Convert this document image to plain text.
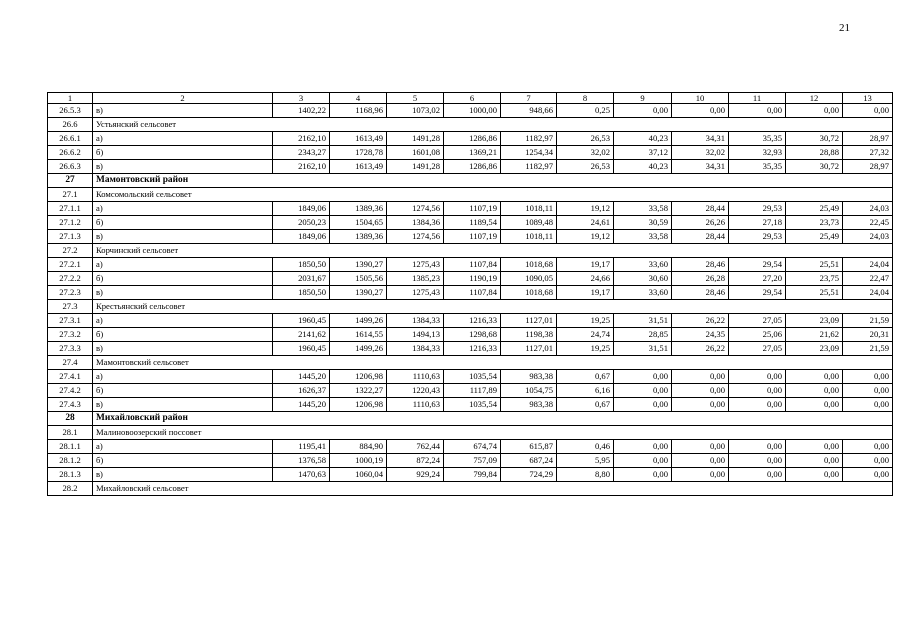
21
1	2	3	4	5	6	7	8	9	10	11	12	13
26.5.3	в)	1402,22	1168,96	1073,02	1000,00	948,66	0,25	0,00	0,00	0,00	0,00	0,00
26.6	Устьянский сельсовет											
26.6.1	а)	2162,10	1613,49	1491,28	1286,86	1182,97	26,53	40,23	34,31	35,35	30,72	28,97
26.6.2	б)	2343,27	1728,78	1601,08	1369,21	1254,34	32,02	37,12	32,02	32,93	28,88	27,32
26.6.3	в)	2162,10	1613,49	1491,28	1286,86	1182,97	26,53	40,23	34,31	35,35	30,72	28,97
27	Мамонтовский район											
27.1	Комсомольский сельсовет											
27.1.1	а)	1849,06	1389,36	1274,56	1107,19	1018,11	19,12	33,58	28,44	29,53	25,49	24,03
27.1.2	б)	2050,23	1504,65	1384,36	1189,54	1089,48	24,61	30,59	26,26	27,18	23,73	22,45
27.1.3	в)	1849,06	1389,36	1274,56	1107,19	1018,11	19,12	33,58	28,44	29,53	25,49	24,03
27.2	Корчинский сельсовет											
27.2.1	а)	1850,50	1390,27	1275,43	1107,84	1018,68	19,17	33,60	28,46	29,54	25,51	24,04
27.2.2	б)	2031,67	1505,56	1385,23	1190,19	1090,05	24,66	30,60	26,28	27,20	23,75	22,47
27.2.3	в)	1850,50	1390,27	1275,43	1107,84	1018,68	19,17	33,60	28,46	29,54	25,51	24,04
27.3	Крестьянский сельсовет											
27.3.1	а)	1960,45	1499,26	1384,33	1216,33	1127,01	19,25	31,51	26,22	27,05	23,09	21,59
27.3.2	б)	2141,62	1614,55	1494,13	1298,68	1198,38	24,74	28,85	24,35	25,06	21,62	20,31
27.3.3	в)	1960,45	1499,26	1384,33	1216,33	1127,01	19,25	31,51	26,22	27,05	23,09	21,59
27.4	Мамонтовский сельсовет											
27.4.1	а)	1445,20	1206,98	1110,63	1035,54	983,38	0,67	0,00	0,00	0,00	0,00	0,00
27.4.2	б)	1626,37	1322,27	1220,43	1117,89	1054,75	6,16	0,00	0,00	0,00	0,00	0,00
27.4.3	в)	1445,20	1206,98	1110,63	1035,54	983,38	0,67	0,00	0,00	0,00	0,00	0,00
28	Михайловский район											
28.1	Малиновоозерский поссовет											
28.1.1	а)	1195,41	884,90	762,44	674,74	615,87	0,46	0,00	0,00	0,00	0,00	0,00
28.1.2	б)	1376,58	1000,19	872,24	757,09	687,24	5,95	0,00	0,00	0,00	0,00	0,00
28.1.3	в)	1470,63	1060,04	929,24	799,84	724,29	8,80	0,00	0,00	0,00	0,00	0,00
28.2	Михайловский сельсовет											
